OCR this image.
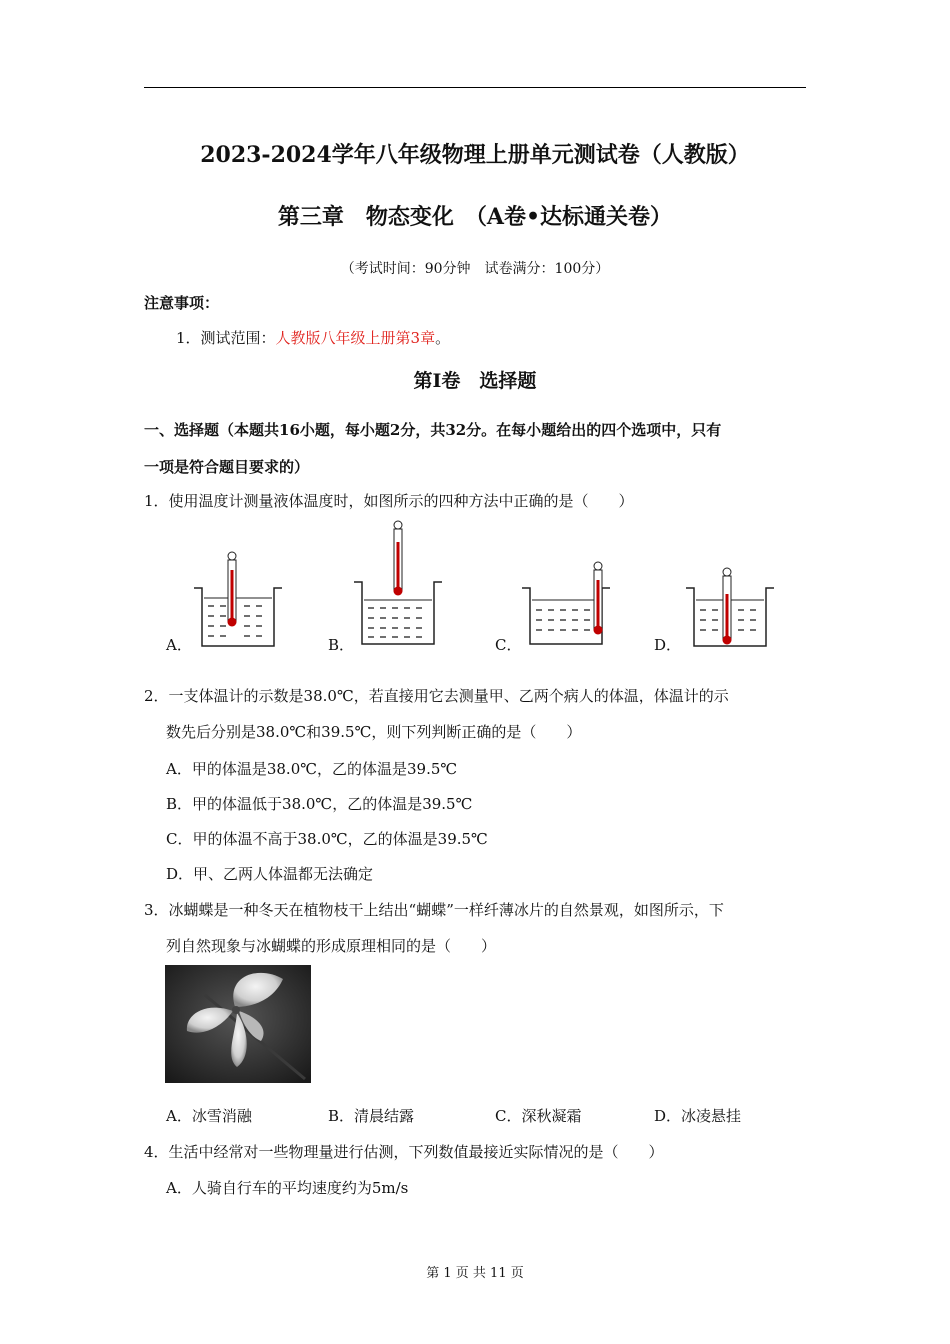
2023-2024学年八年级物理上册单元测试卷（人教版）
第三章　物态变化　（A卷•达标通关卷）
（考试时间：90分钟　试卷满分：100分）
注意事项：
1．测试范围：人教版八年级上册第3章。
第Ⅰ卷　选择题
一、选择题（本题共16小题，每小题2分，共32分。在每小题给出的四个选项中，只有
一项是符合题目要求的）
1．使用温度计测量液体温度时，如图所示的四种方法中正确的是（　　）
A．	B．	C．	D．
2．一支体温计的示数是38.0℃，若直接用它去测量甲、乙两个病人的体温，体温计的示
数先后分别是38.0℃和39.5℃，则下列判断正确的是（　　）
A．甲的体温是38.0℃，乙的体温是39.5℃
B．甲的体温低于38.0℃，乙的体温是39.5℃
C．甲的体温不高于38.0℃，乙的体温是39.5℃
D．甲、乙两人体温都无法确定
3．冰蝴蝶是一种冬天在植物枝干上结出“蝴蝶”一样纤薄冰片的自然景观，如图所示，下
列自然现象与冰蝴蝶的形成原理相同的是（　　）
A．冰雪消融	B．清晨结露	C．深秋凝霜	D．冰凌悬挂
4．生活中经常对一些物理量进行估测，下列数值最接近实际情况的是（　　）
A．人骑自行车的平均速度约为5m/s
第 1 页 共 11 页
